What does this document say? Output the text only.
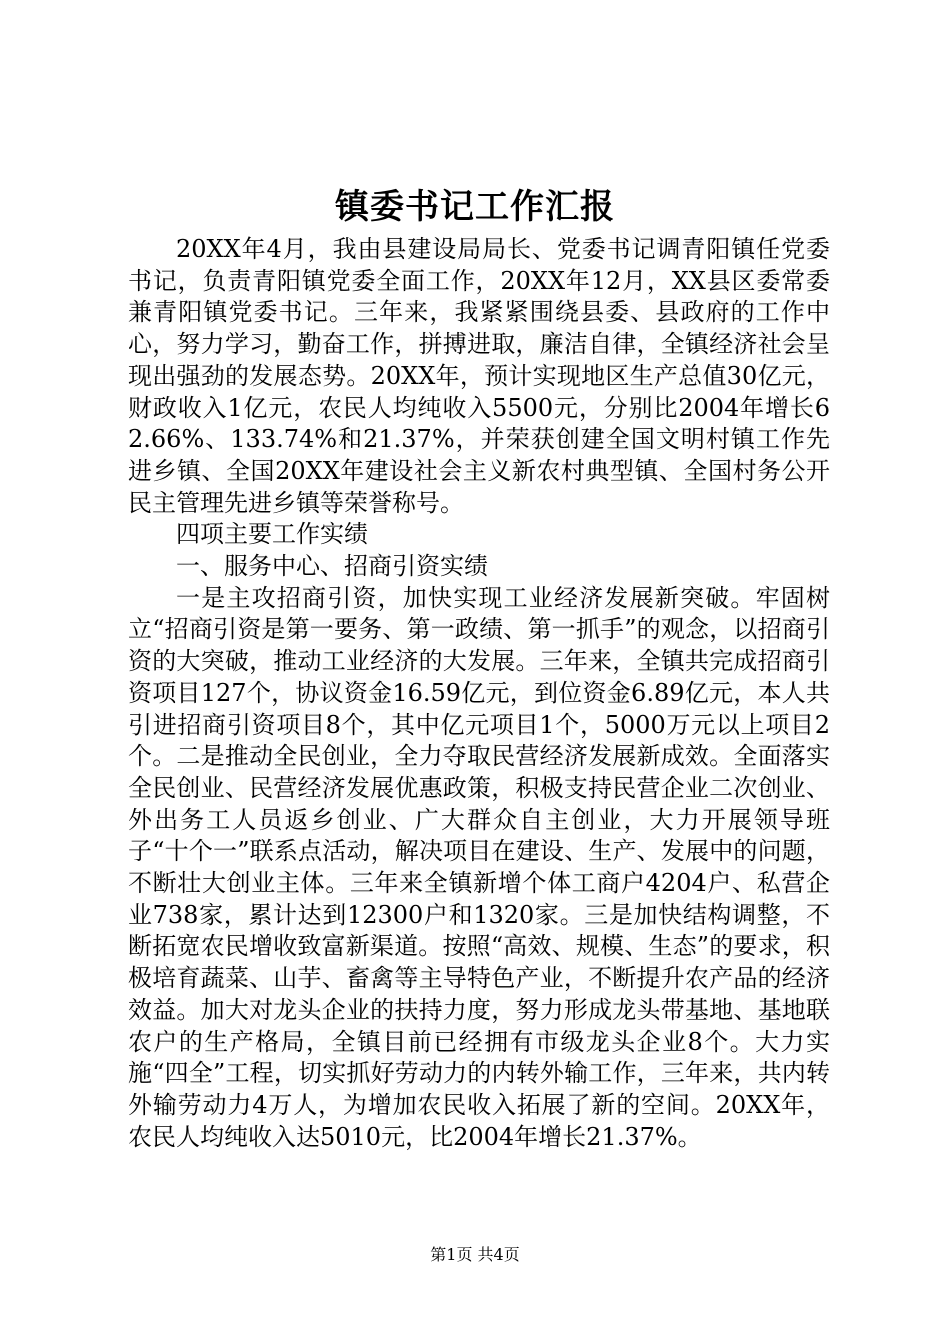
镇委书记工作汇报

20XX年4月，我由县建设局局长、党委书记调青阳镇任党委书记，负责青阳镇党委全面工作，20XX年12月，XX县区委常委兼青阳镇党委书记。三年来，我紧紧围绕县委、县政府的工作中心，努力学习，勤奋工作，拼搏进取，廉洁自律，全镇经济社会呈现出强劲的发展态势。20XX年，预计实现地区生产总值30亿元，财政收入1亿元，农民人均纯收入5500元，分别比2004年增长62.66%、133.74%和21.37%，并荣获创建全国文明村镇工作先进乡镇、全国20XX年建设社会主义新农村典型镇、全国村务公开民主管理先进乡镇等荣誉称号。

四项主要工作实绩

一、服务中心、招商引资实绩

一是主攻招商引资，加快实现工业经济发展新突破。牢固树立“招商引资是第一要务、第一政绩、第一抓手”的观念，以招商引资的大突破，推动工业经济的大发展。三年来，全镇共完成招商引资项目127个，协议资金16.59亿元，到位资金6.89亿元，本人共引进招商引资项目8个，其中亿元项目1个，5000万元以上项目2个。二是推动全民创业，全力夺取民营经济发展新成效。全面落实全民创业、民营经济发展优惠政策，积极支持民营企业二次创业、外出务工人员返乡创业、广大群众自主创业，大力开展领导班子“十个一”联系点活动，解决项目在建设、生产、发展中的问题，不断壮大创业主体。三年来全镇新增个体工商户4204户、私营企业738家，累计达到12300户和1320家。三是加快结构调整，不断拓宽农民增收致富新渠道。按照“高效、规模、生态”的要求，积极培育蔬菜、山芋、畜禽等主导特色产业，不断提升农产品的经济效益。加大对龙头企业的扶持力度，努力形成龙头带基地、基地联农户的生产格局，全镇目前已经拥有市级龙头企业8个。大力实施“四全”工程，切实抓好劳动力的内转外输工作，三年来，共内转外输劳动力4万人，为增加农民收入拓展了新的空间。20XX年，农民人均纯收入达5010元，比2004年增长21.37%。

第1页 共4页
